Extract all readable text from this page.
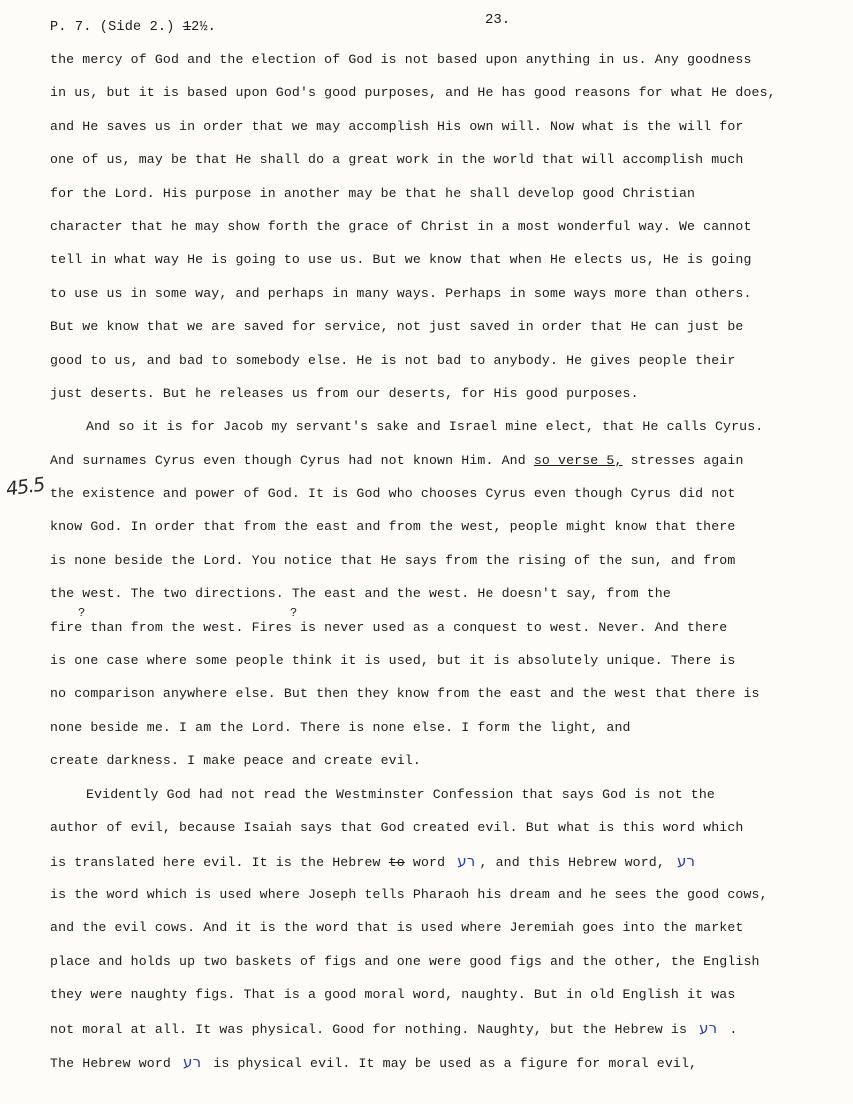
P. 7. (Side 2.) 12½.	23.
45.5
?	?
the mercy of God and the election of God is not based upon anything in us. Any goodness
in us, but it is based upon God's good purposes, and He has good reasons for what He does,
and He saves us in order that we may accomplish His own will. Now what is the will for
one of us, may be that He shall do a great work in the world that will accomplish much
for the Lord. His purpose in another may be that he shall develop good Christian
character that he may show forth the grace of Christ in a most wonderful way. We cannot
tell in what way He is going to use us. But we know that when He elects us, He is going
to use us in some way, and perhaps in many ways. Perhaps in some ways more than others.
But we know that we are saved for service, not just saved in order that He can just be
good to us, and bad to somebody else. He is not bad to anybody. He gives people their
just deserts. But he releases us from our deserts, for His good purposes.
And so it is for Jacob my servant's sake and Israel mine elect, that He calls Cyrus.
And surnames Cyrus even though Cyrus had not known Him. And so verse 5, stresses again
the existence and power of God. It is God who chooses Cyrus even though Cyrus did not
know God. In order that from the east and from the west, people might know that there
is none beside the Lord. You notice that He says from the rising of the sun, and from
the west. The two directions. The east and the west. He doesn't say, from the
fire than from the west. Fires is never used as a conquest to west. Never. And there
is one case where some people think it is used, but it is absolutely unique. There is
no comparison anywhere else. But then they know from the east and the west that there is
none beside me. I am the Lord. There is none else. I form the light, and
create darkness. I make peace and create evil.
Evidently God had not read the Westminster Confession that says God is not the
author of evil, because Isaiah says that God created evil. But what is this word which
is translated here evil. It is the Hebrew to word רע , and this Hebrew word, רע
is the word which is used where Joseph tells Pharaoh his dream and he sees the good cows,
and the evil cows. And it is the word that is used where Jeremiah goes into the market
place and holds up two baskets of figs and one were good figs and the other, the English
they were naughty figs. That is a good moral word, naughty. But in old English it was
not moral at all. It was physical. Good for nothing. Naughty, but the Hebrew is רע .
The Hebrew word רע is physical evil. It may be used as a figure for moral evil,
